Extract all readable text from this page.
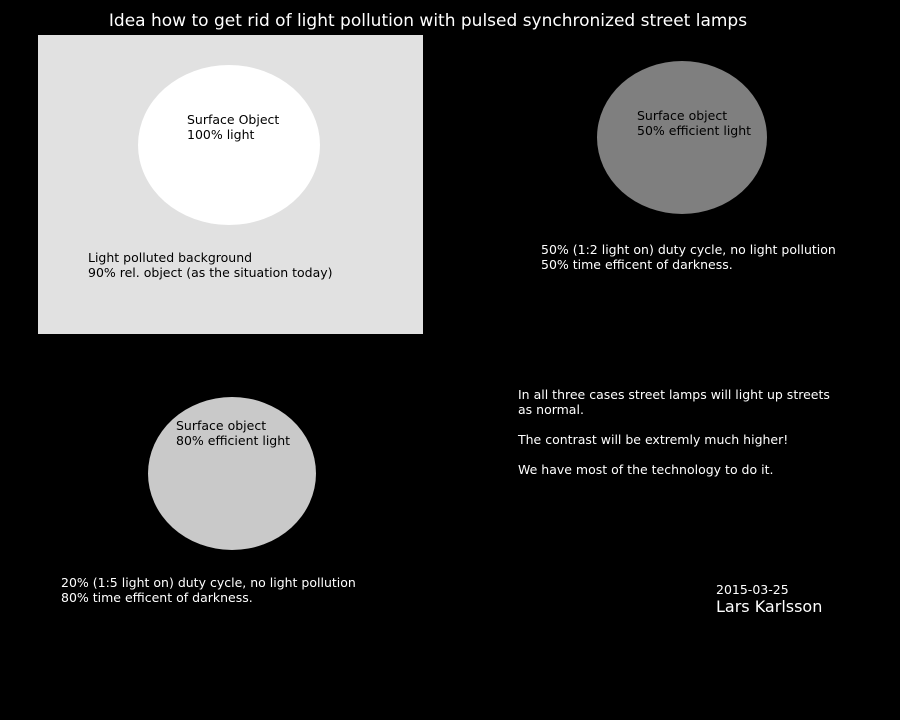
Idea how to get rid of light pollution with pulsed synchronized street lamps
Surface Object
100% light
Light polluted background
90% rel. object (as the situation today)
Surface object
50% efficient light
50% (1:2 light on) duty cycle, no light pollution
50% time efficent of darkness.
Surface object
80% efficient light
20% (1:5 light on) duty cycle, no light pollution
80% time efficent of darkness.
In all three cases street lamps will light up streets
as normal.
The contrast will be extremly much higher!
We have most of the technology to do it.
2015-03-25
Lars Karlsson
